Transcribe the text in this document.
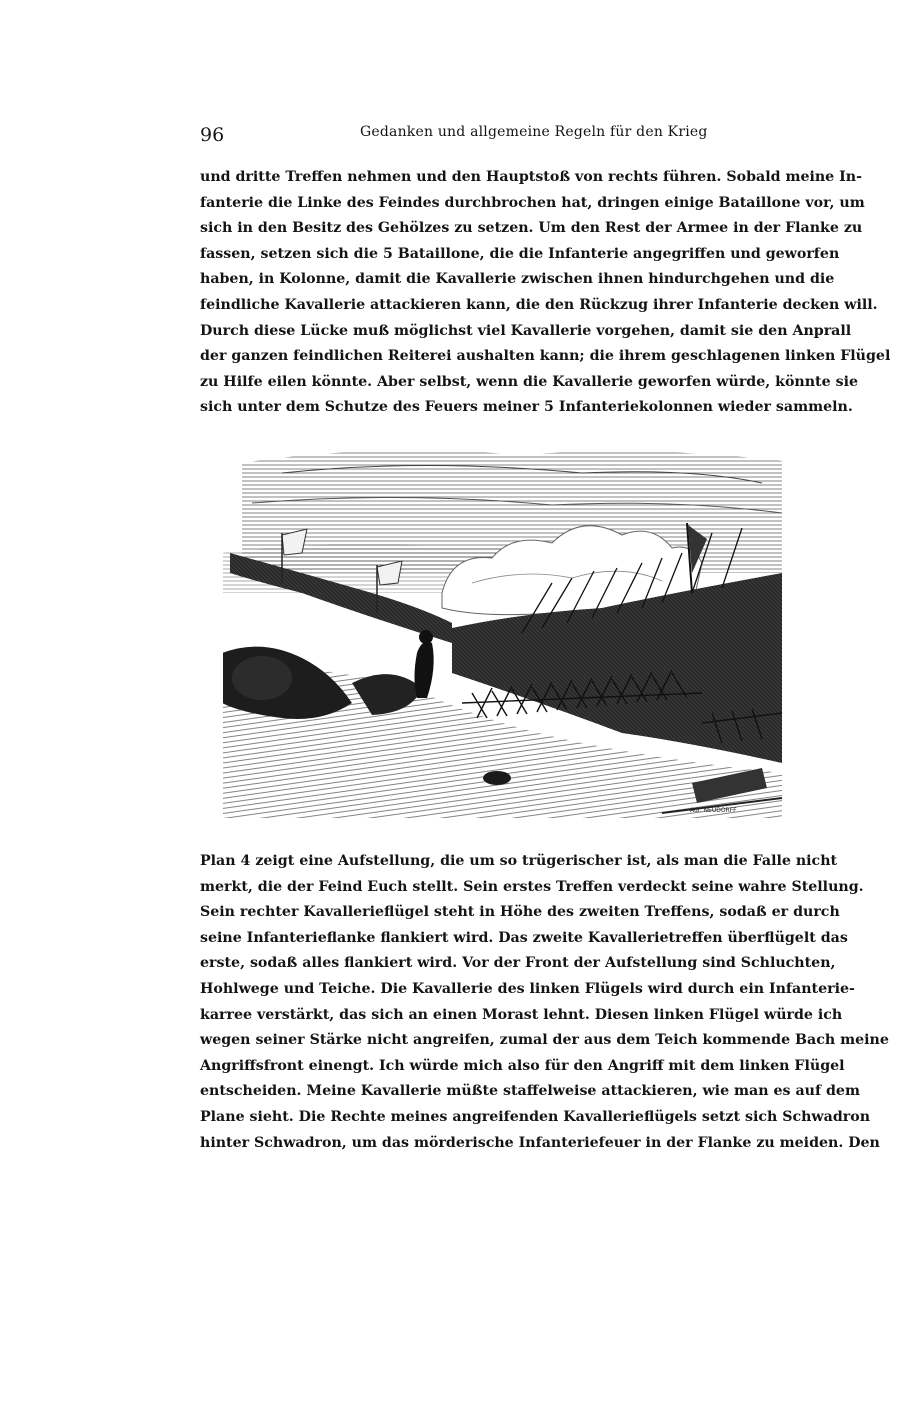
96	Gedanken und allgemeine Regeln für den Krieg
und dritte Treffen nehmen und den Hauptstoß von rechts führen. Sobald meine In-
fanterie die Linke des Feindes durchbrochen hat, dringen einige Bataillone vor, um
sich in den Besitz des Gehölzes zu setzen. Um den Rest der Armee in der Flanke zu
fassen, setzen sich die 5 Bataillone, die die Infanterie angegriffen und geworfen
haben, in Kolonne, damit die Kavallerie zwischen ihnen hindurchgehen und die
feindliche Kavallerie attackieren kann, die den Rückzug ihrer Infanterie decken will.
Durch diese Lücke muß möglichst viel Kavallerie vorgehen, damit sie den Anprall
der ganzen feindlichen Reiterei aushalten kann; die ihrem geschlagenen linken Flügel
zu Hilfe eilen könnte. Aber selbst, wenn die Kavallerie geworfen würde, könnte sie
sich unter dem Schutze des Feuers meiner 5 Infanteriekolonnen wieder sammeln.
Adr. NEUDORFF
Plan 4 zeigt eine Aufstellung, die um so trügerischer ist, als man die Falle nicht
merkt, die der Feind Euch stellt. Sein erstes Treffen verdeckt seine wahre Stellung.
Sein rechter Kavallerieflügel steht in Höhe des zweiten Treffens, sodaß er durch
seine Infanterieflanke flankiert wird. Das zweite Kavallerietreffen überflügelt das
erste, sodaß alles flankiert wird. Vor der Front der Aufstellung sind Schluchten,
Hohlwege und Teiche. Die Kavallerie des linken Flügels wird durch ein Infanterie-
karree verstärkt, das sich an einen Morast lehnt. Diesen linken Flügel würde ich
wegen seiner Stärke nicht angreifen, zumal der aus dem Teich kommende Bach meine
Angriffsfront einengt. Ich würde mich also für den Angriff mit dem linken Flügel
entscheiden. Meine Kavallerie müßte staffelweise attackieren, wie man es auf dem
Plane sieht. Die Rechte meines angreifenden Kavallerieflügels setzt sich Schwadron
hinter Schwadron, um das mörderische Infanteriefeuer in der Flanke zu meiden. Den
